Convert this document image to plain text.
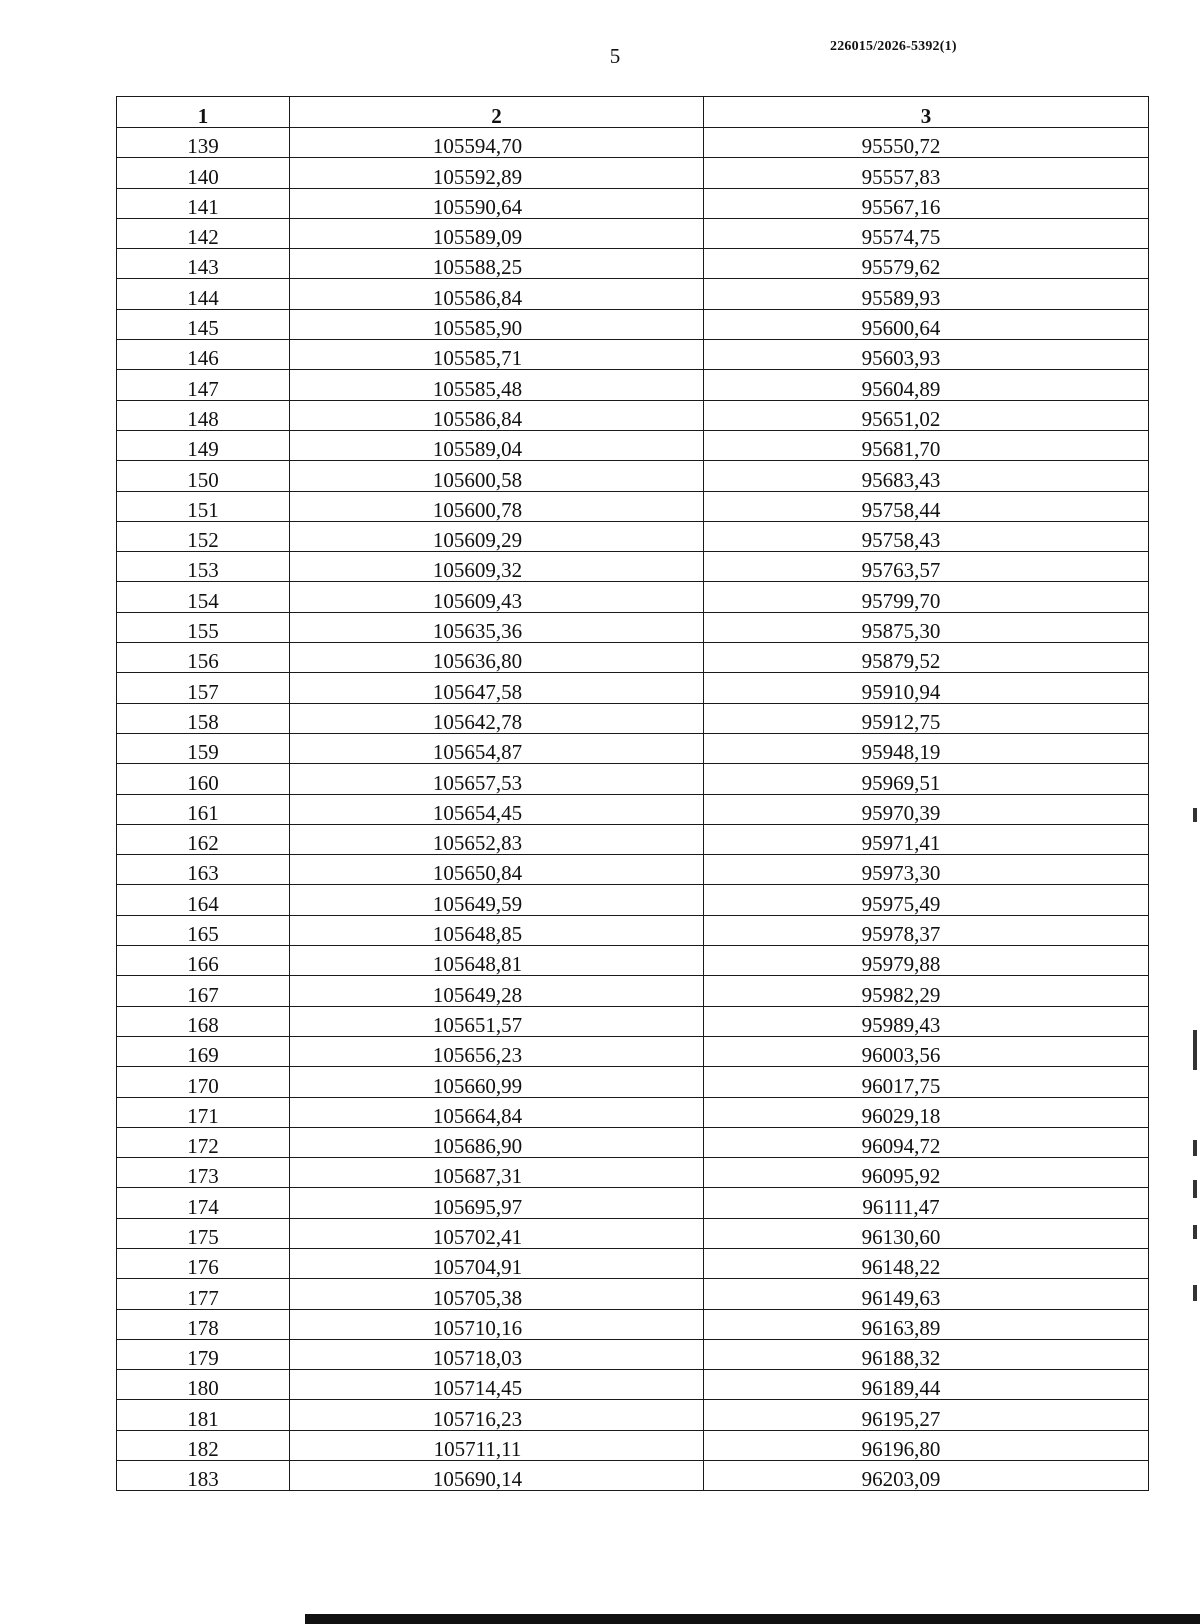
5	226015/2026-5392(1)
1	2	3
139	105594,70	95550,72
140	105592,89	95557,83
141	105590,64	95567,16
142	105589,09	95574,75
143	105588,25	95579,62
144	105586,84	95589,93
145	105585,90	95600,64
146	105585,71	95603,93
147	105585,48	95604,89
148	105586,84	95651,02
149	105589,04	95681,70
150	105600,58	95683,43
151	105600,78	95758,44
152	105609,29	95758,43
153	105609,32	95763,57
154	105609,43	95799,70
155	105635,36	95875,30
156	105636,80	95879,52
157	105647,58	95910,94
158	105642,78	95912,75
159	105654,87	95948,19
160	105657,53	95969,51
161	105654,45	95970,39
162	105652,83	95971,41
163	105650,84	95973,30
164	105649,59	95975,49
165	105648,85	95978,37
166	105648,81	95979,88
167	105649,28	95982,29
168	105651,57	95989,43
169	105656,23	96003,56
170	105660,99	96017,75
171	105664,84	96029,18
172	105686,90	96094,72
173	105687,31	96095,92
174	105695,97	96111,47
175	105702,41	96130,60
176	105704,91	96148,22
177	105705,38	96149,63
178	105710,16	96163,89
179	105718,03	96188,32
180	105714,45	96189,44
181	105716,23	96195,27
182	105711,11	96196,80
183	105690,14	96203,09
